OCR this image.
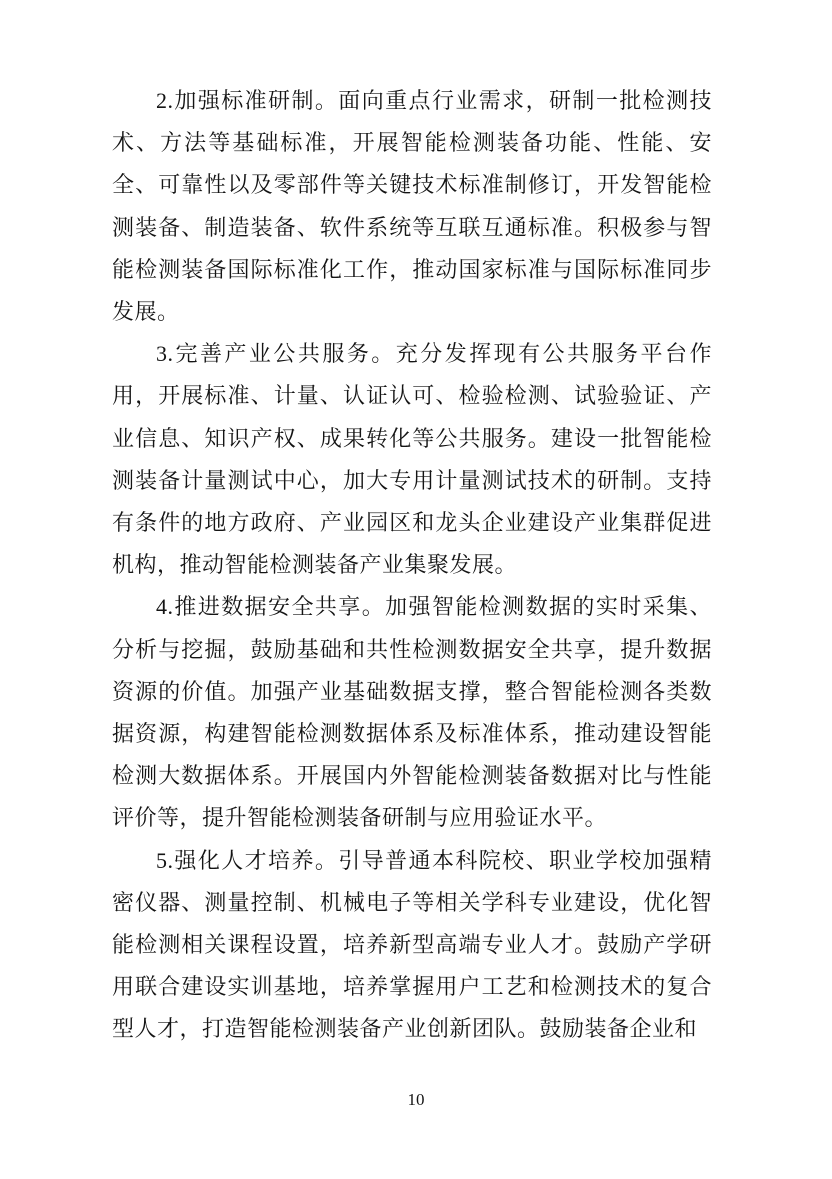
2.加强标准研制。面向重点行业需求，研制一批检测技术、方法等基础标准，开展智能检测装备功能、性能、安全、可靠性以及零部件等关键技术标准制修订，开发智能检测装备、制造装备、软件系统等互联互通标准。积极参与智能检测装备国际标准化工作，推动国家标准与国际标准同步发展。

3.完善产业公共服务。充分发挥现有公共服务平台作用，开展标准、计量、认证认可、检验检测、试验验证、产业信息、知识产权、成果转化等公共服务。建设一批智能检测装备计量测试中心，加大专用计量测试技术的研制。支持有条件的地方政府、产业园区和龙头企业建设产业集群促进机构，推动智能检测装备产业集聚发展。

4.推进数据安全共享。加强智能检测数据的实时采集、分析与挖掘，鼓励基础和共性检测数据安全共享，提升数据资源的价值。加强产业基础数据支撑，整合智能检测各类数据资源，构建智能检测数据体系及标准体系，推动建设智能检测大数据体系。开展国内外智能检测装备数据对比与性能评价等，提升智能检测装备研制与应用验证水平。

5.强化人才培养。引导普通本科院校、职业学校加强精密仪器、测量控制、机械电子等相关学科专业建设，优化智能检测相关课程设置，培养新型高端专业人才。鼓励产学研用联合建设实训基地，培养掌握用户工艺和检测技术的复合型人才，打造智能检测装备产业创新团队。鼓励装备企业和

10
